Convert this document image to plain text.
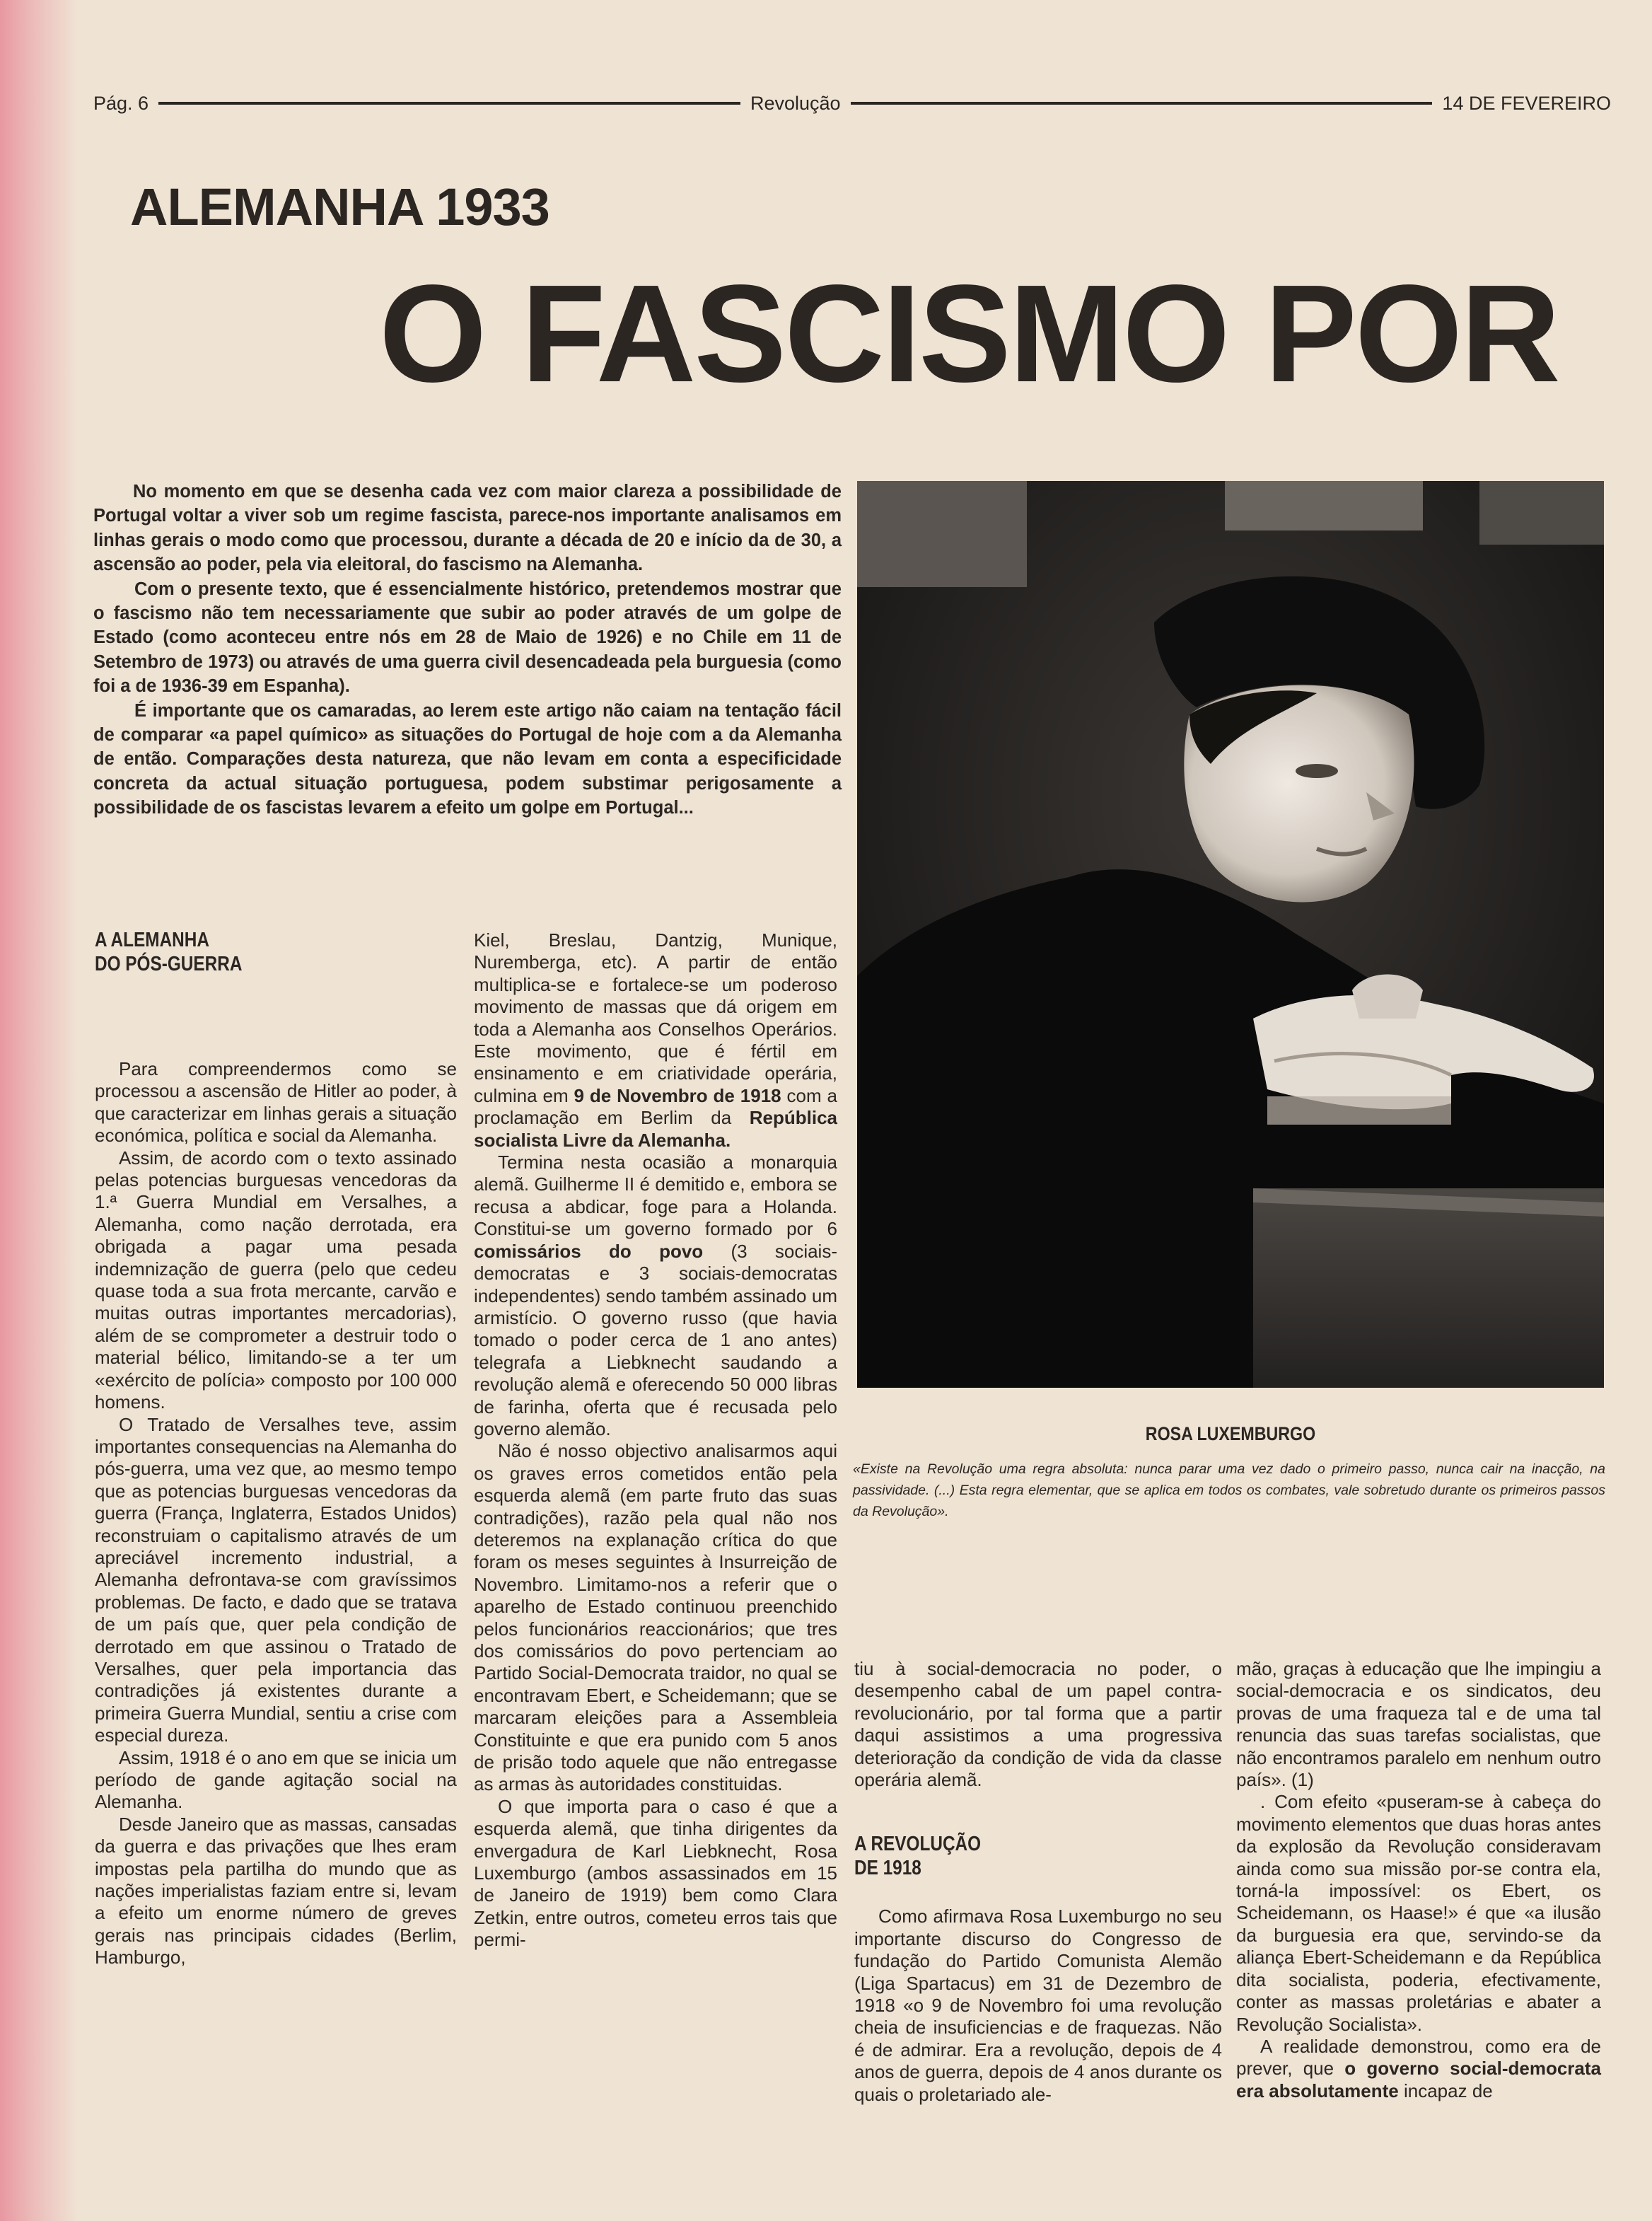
Pág. 6	Revolução	14 DE FEVEREIRO
ALEMANHA 1933
O FASCISMO POR

No momento em que se desenha cada vez com maior clareza a possibilidade de Portugal voltar a viver sob um regime fascista, parece-nos importante analisamos em linhas gerais o modo como que processou, durante a década de 20 e início da de 30, a ascensão ao poder, pela via eleitoral, do fascismo na Alemanha.

Com o presente texto, que é essencialmente histórico, pretendemos mostrar que o fascismo não tem necessariamente que subir ao poder através de um golpe de Estado (como aconteceu entre nós em 28 de Maio de 1926) e no Chile em 11 de Setembro de 1973) ou através de uma guerra civil desencadeada pela burguesia (como foi a de 1936-39 em Espanha).

É importante que os camaradas, ao lerem este artigo não caiam na tentação fácil de comparar «a papel químico» as situações do Portugal de hoje com a da Alemanha de então. Comparações desta natureza, que não levam em conta a especificidade concreta da actual situação portuguesa, podem substimar perigosamente a possibilidade de os fascistas levarem a efeito um golpe em Portugal...

ROSA LUXEMBURGO
«Existe na Revolução uma regra absoluta: nunca parar uma vez dado o primeiro passo, nunca cair na inacção, na passividade. (...) Esta regra elementar, que se aplica em todos os combates, vale sobretudo durante os primeiros passos da Revolução».
A ALEMANHA
DO PÓS-GUERRA

Para compreendermos como se processou a ascensão de Hitler ao poder, à que caracterizar em linhas gerais a situação económica, política e social da Alemanha.

Assim, de acordo com o texto assinado pelas potencias burguesas vencedoras da 1.ª Guerra Mundial em Versalhes, a Alemanha, como nação derrotada, era obrigada a pagar uma pesada indemnização de guerra (pelo que cedeu quase toda a sua frota mercante, carvão e muitas outras importantes mercadorias), além de se comprometer a destruir todo o material bélico, limitando-se a ter um «exército de polícia» composto por 100 000 homens.

O Tratado de Versalhes teve, assim importantes consequencias na Alemanha do pós-guerra, uma vez que, ao mesmo tempo que as potencias burguesas vencedoras da guerra (França, Inglaterra, Estados Unidos) reconstruiam o capitalismo através de um apreciável incremento industrial, a Alemanha defrontava-se com gravíssimos problemas. De facto, e dado que se tratava de um país que, quer pela condição de derrotado em que assinou o Tratado de Versalhes, quer pela importancia das contradições já existentes durante a primeira Guerra Mundial, sentiu a crise com especial dureza.

Assim, 1918 é o ano em que se inicia um período de gande agitação social na Alemanha.

Desde Janeiro que as massas, cansadas da guerra e das privações que lhes eram impostas pela partilha do mundo que as nações imperialistas faziam entre si, levam a efeito um enorme número de greves gerais nas principais cidades (Berlim, Hamburgo,

Kiel, Breslau, Dantzig, Munique, Nuremberga, etc). A partir de então multiplica-se e fortalece-se um poderoso movimento de massas que dá origem em toda a Alemanha aos Conselhos Operários. Este movimento, que é fértil em ensinamento e em criatividade operária, culmina em 9 de Novembro de 1918 com a proclamação em Berlim da República socialista Livre da Alemanha.

Termina nesta ocasião a monarquia alemã. Guilherme II é demitido e, embora se recusa a abdicar, foge para a Holanda. Constitui-se um governo formado por 6 comissários do povo (3 sociais-democratas e 3 sociais-democratas independentes) sendo também assinado um armistício. O governo russo (que havia tomado o poder cerca de 1 ano antes) telegrafa a Liebknecht saudando a revolução alemã e oferecendo 50 000 libras de farinha, oferta que é recusada pelo governo alemão.

Não é nosso objectivo analisarmos aqui os graves erros cometidos então pela esquerda alemã (em parte fruto das suas contradições), razão pela qual não nos deteremos na explanação crítica do que foram os meses seguintes à Insurreição de Novembro. Limitamo-nos a referir que o aparelho de Estado continuou preenchido pelos funcionários reaccionários; que tres dos comissários do povo pertenciam ao Partido Social-Democrata traidor, no qual se encontravam Ebert, e Scheidemann; que se marcaram eleições para a Assembleia Constituinte e que era punido com 5 anos de prisão todo aquele que não entregasse as armas às autoridades constituidas.

O que importa para o caso é que a esquerda alemã, que tinha dirigentes da envergadura de Karl Liebknecht, Rosa Luxemburgo (ambos assassinados em 15 de Janeiro de 1919) bem como Clara Zetkin, entre outros, cometeu erros tais que permi-

tiu à social-democracia no poder, o desempenho cabal de um papel contra-revolucionário, por tal forma que a partir daqui assistimos a uma progressiva deterioração da condição de vida da classe operária alemã.

A REVOLUÇÃO
DE 1918

Como afirmava Rosa Luxemburgo no seu importante discurso do Congresso de fundação do Partido Comunista Alemão (Liga Spartacus) em 31 de Dezembro de 1918 «o 9 de Novembro foi uma revolução cheia de insuficiencias e de fraquezas. Não é de admirar. Era a revolução, depois de 4 anos de guerra, depois de 4 anos durante os quais o proletariado ale-

mão, graças à educação que lhe impingiu a social-democracia e os sindicatos, deu provas de uma fraqueza tal e de uma tal renuncia das suas tarefas socialistas, que não encontramos paralelo em nenhum outro país». (1)

. Com efeito «puseram-se à cabeça do movimento elementos que duas horas antes da explosão da Revolução consideravam ainda como sua missão por-se contra ela, torná-la impossível: os Ebert, os Scheidemann, os Haase!» é que «a ilusão da burguesia era que, servindo-se da aliança Ebert-Scheidemann e da República dita socialista, poderia, efectivamente, conter as massas proletárias e abater a Revolução Socialista».

A realidade demonstrou, como era de prever, que o governo social-democrata era absolutamente incapaz de
